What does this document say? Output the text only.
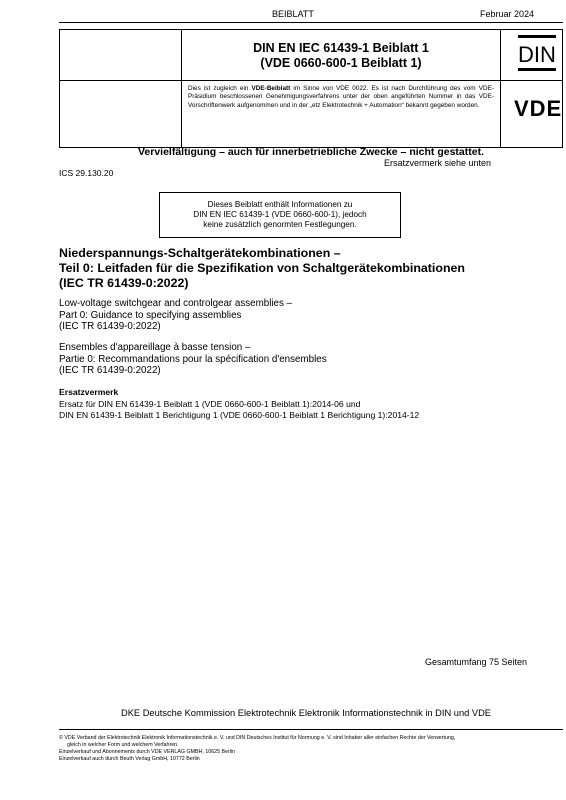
BEIBLATT	Februar 2024
DIN EN IEC 61439-1 Beiblatt 1
(VDE 0660-600-1 Beiblatt 1)
Dies ist zugleich ein VDE-Beiblatt im Sinne von VDE 0022. Es ist nach Durchführung des vom VDE-Präsidium beschlossenen Genehmigungsverfahrens unter der oben angeführten Nummer in das VDE-Vorschriftenwerk aufgenommen und in der „etz Elektrotechnik + Automation“ bekannt gegeben worden.
DIN
VDE
Vervielfältigung – auch für innerbetriebliche Zwecke – nicht gestattet.
Ersatzvermerk siehe unten
ICS 29.130.20
Dieses Beiblatt enthält Informationen zu
DIN EN IEC 61439-1 (VDE 0660-600-1), jedoch
keine zusätzlich genormten Festlegungen.
Niederspannungs-Schaltgerätekombinationen –
Teil 0: Leitfaden für die Spezifikation von Schaltgerätekombinationen
(IEC TR 61439-0:2022)
Low-voltage switchgear and controlgear assemblies –
Part 0: Guidance to specifying assemblies
(IEC TR 61439-0:2022)
Ensembles d'appareillage à basse tension –
Partie 0: Recommandations pour la spécification d'ensembles
(IEC TR 61439-0:2022)
Ersatzvermerk
Ersatz für DIN EN 61439-1 Beiblatt 1 (VDE 0660-600-1 Beiblatt 1):2014-06 und
DIN EN 61439-1 Beiblatt 1 Berichtigung 1 (VDE 0660-600-1 Beiblatt 1 Berichtigung 1):2014-12
Gesamtumfang 75 Seiten
DKE Deutsche Kommission Elektrotechnik Elektronik Informationstechnik in DIN und VDE
© VDE Verband der Elektrotechnik Elektronik Informationstechnik e. V. und DIN Deutsches Institut für Normung e. V. sind Inhaber aller einfachen Rechte der Verwertung,
gleich in welcher Form und welchem Verfahren.
Einzelverkauf und Abonnements durch VDE VERLAG GMBH, 10625 Berlin
Einzelverkauf auch durch Beuth Verlag GmbH, 10772 Berlin
